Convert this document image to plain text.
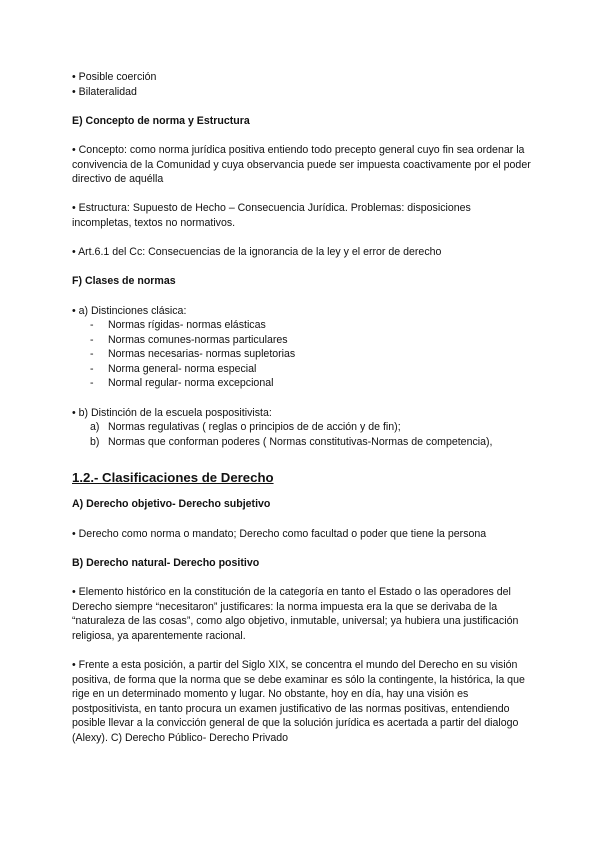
• Posible coerción

• Bilateralidad

E) Concepto de norma y Estructura

• Concepto: como norma jurídica positiva entiendo todo precepto general cuyo fin sea ordenar la convivencia de la Comunidad y cuya observancia puede ser impuesta coactivamente por el poder directivo de aquélla

• Estructura: Supuesto de Hecho – Consecuencia Jurídica. Problemas: disposiciones incompletas, textos no normativos.

• Art.6.1 del Cc: Consecuencias de la ignorancia de la ley y el error de derecho

F) Clases de normas

• a) Distinciones clásica:

- Normas rígidas- normas elásticas
- Normas comunes-normas particulares
- Normas necesarias- normas supletorias
- Norma general- norma especial
- Normal regular- norma excepcional

• b) Distinción de la escuela pospositivista:

a) Normas regulativas ( reglas o principios de de acción y de fin);
b) Normas que conforman poderes ( Normas constitutivas-Normas de competencia),

1.2.- Clasificaciones de Derecho

A) Derecho objetivo- Derecho subjetivo

• Derecho como norma o mandato; Derecho como facultad o poder que tiene la persona

B) Derecho natural- Derecho positivo

• Elemento histórico en la constitución de la categoría en tanto el Estado o las operadores del Derecho siempre “necesitaron” justificares: la norma impuesta era la que se derivaba de la “naturaleza de las cosas”, como algo objetivo, inmutable, universal; ya hubiera una justificación religiosa, ya aparentemente racional.

• Frente a esta posición, a partir del Siglo XIX, se concentra el mundo del Derecho en su visión positiva, de forma que la norma que se debe examinar es sólo la contingente, la histórica, la que rige en un determinado momento y lugar. No obstante, hoy en día, hay una visión es postpositivista, en tanto procura un examen justificativo de las normas positivas, entendiendo posible llevar a la convicción general de que la solución jurídica es acertada a partir del dialogo (Alexy). C) Derecho Público- Derecho Privado
